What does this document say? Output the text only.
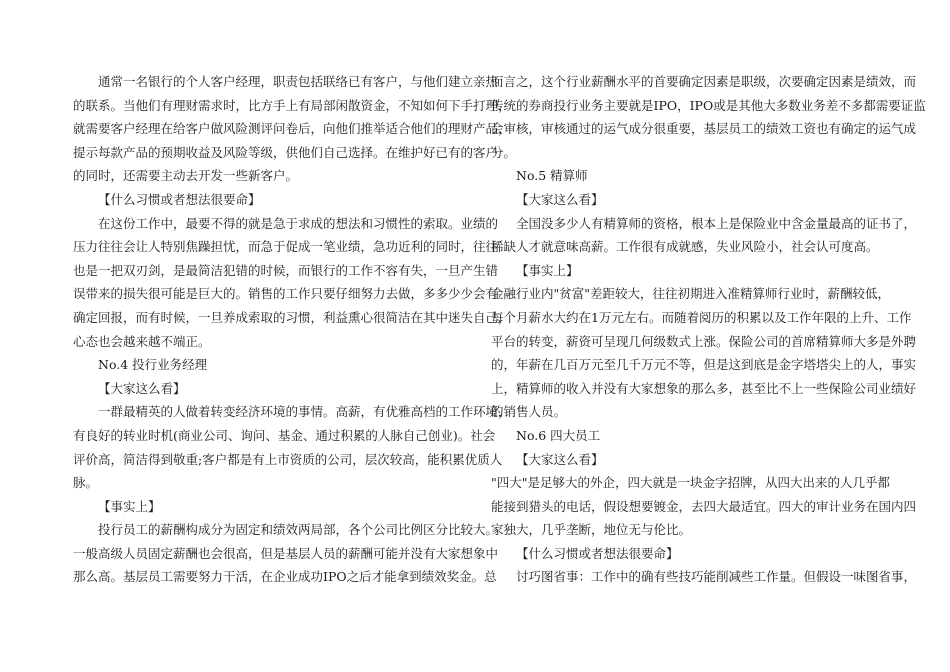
通常一名银行的个人客户经理，职责包括联络已有客户，与他们建立亲热
的联系。当他们有理财需求时，比方手上有局部闲散资金，不知如何下手打理，
就需要客户经理在给客户做风险测评问卷后，向他们推举适合他们的理财产品，
提示每款产品的预期收益及风险等级，供他们自己选择。在维护好已有的客户
的同时，还需要主动去开发一些新客户。
【什么习惯或者想法很要命】
在这份工作中，最要不得的就是急于求成的想法和习惯性的索取。业绩的
压力往往会让人特别焦躁担忧，而急于促成一笔业绩，急功近利的同时，往往
也是一把双刃剑，是最简洁犯错的时候，而银行的工作不容有失，一旦产生错
误带来的损失很可能是巨大的。销售的工作只要仔细努力去做，多多少少会有
确定回报，而有时候，一旦养成索取的习惯，利益熏心很简洁在其中迷失自己，
心态也会越来越不端正。
No.4 投行业务经理
【大家这么看】
一群最精英的人做着转变经济环境的事情。高薪，有优雅高档的工作环境，
有良好的转业时机(商业公司、询问、基金、通过积累的人脉自己创业)。社会
评价高，简洁得到敬重;客户都是有上市资质的公司，层次较高，能积累优质人
脉。
【事实上】
投行员工的薪酬构成分为固定和绩效两局部，各个公司比例区分比较大。
一般高级人员固定薪酬也会很高，但是基层人员的薪酬可能并没有大家想象中
那么高。基层员工需要努力干活，在企业成功IPO之后才能拿到绩效奖金。总
而言之，这个行业薪酬水平的首要确定因素是职级，次要确定因素是绩效，而
传统的券商投行业务主要就是IPO，IPO或是其他大多数业务差不多都需要证监
会审核，审核通过的运气成分很重要，基层员工的绩效工资也有确定的运气成
分。
No.5 精算师
【大家这么看】
全国没多少人有精算师的资格，根本上是保险业中含金量最高的证书了，
稀缺人才就意味高薪。工作很有成就感，失业风险小，社会认可度高。
【事实上】
金融行业内"贫富"差距较大，往往初期进入准精算师行业时，薪酬较低，
每个月薪水大约在1万元左右。而随着阅历的积累以及工作年限的上升、工作
平台的转变，薪资可呈现几何级数式上涨。保险公司的首席精算师大多是外聘
的，年薪在几百万元至几千万元不等，但是这到底是金字塔塔尖上的人，事实
上，精算师的收入并没有大家想象的那么多，甚至比不上一些保险公司业绩好
的销售人员。
No.6 四大员工
【大家这么看】
"四大"是足够大的外企，四大就是一块金字招牌，从四大出来的人几乎都
能接到猎头的电话，假设想要镀金，去四大最适宜。四大的审计业务在国内四
家独大，几乎垄断，地位无与伦比。
【什么习惯或者想法很要命】
讨巧图省事：工作中的确有些技巧能削减些工作量。但假设一味图省事，
